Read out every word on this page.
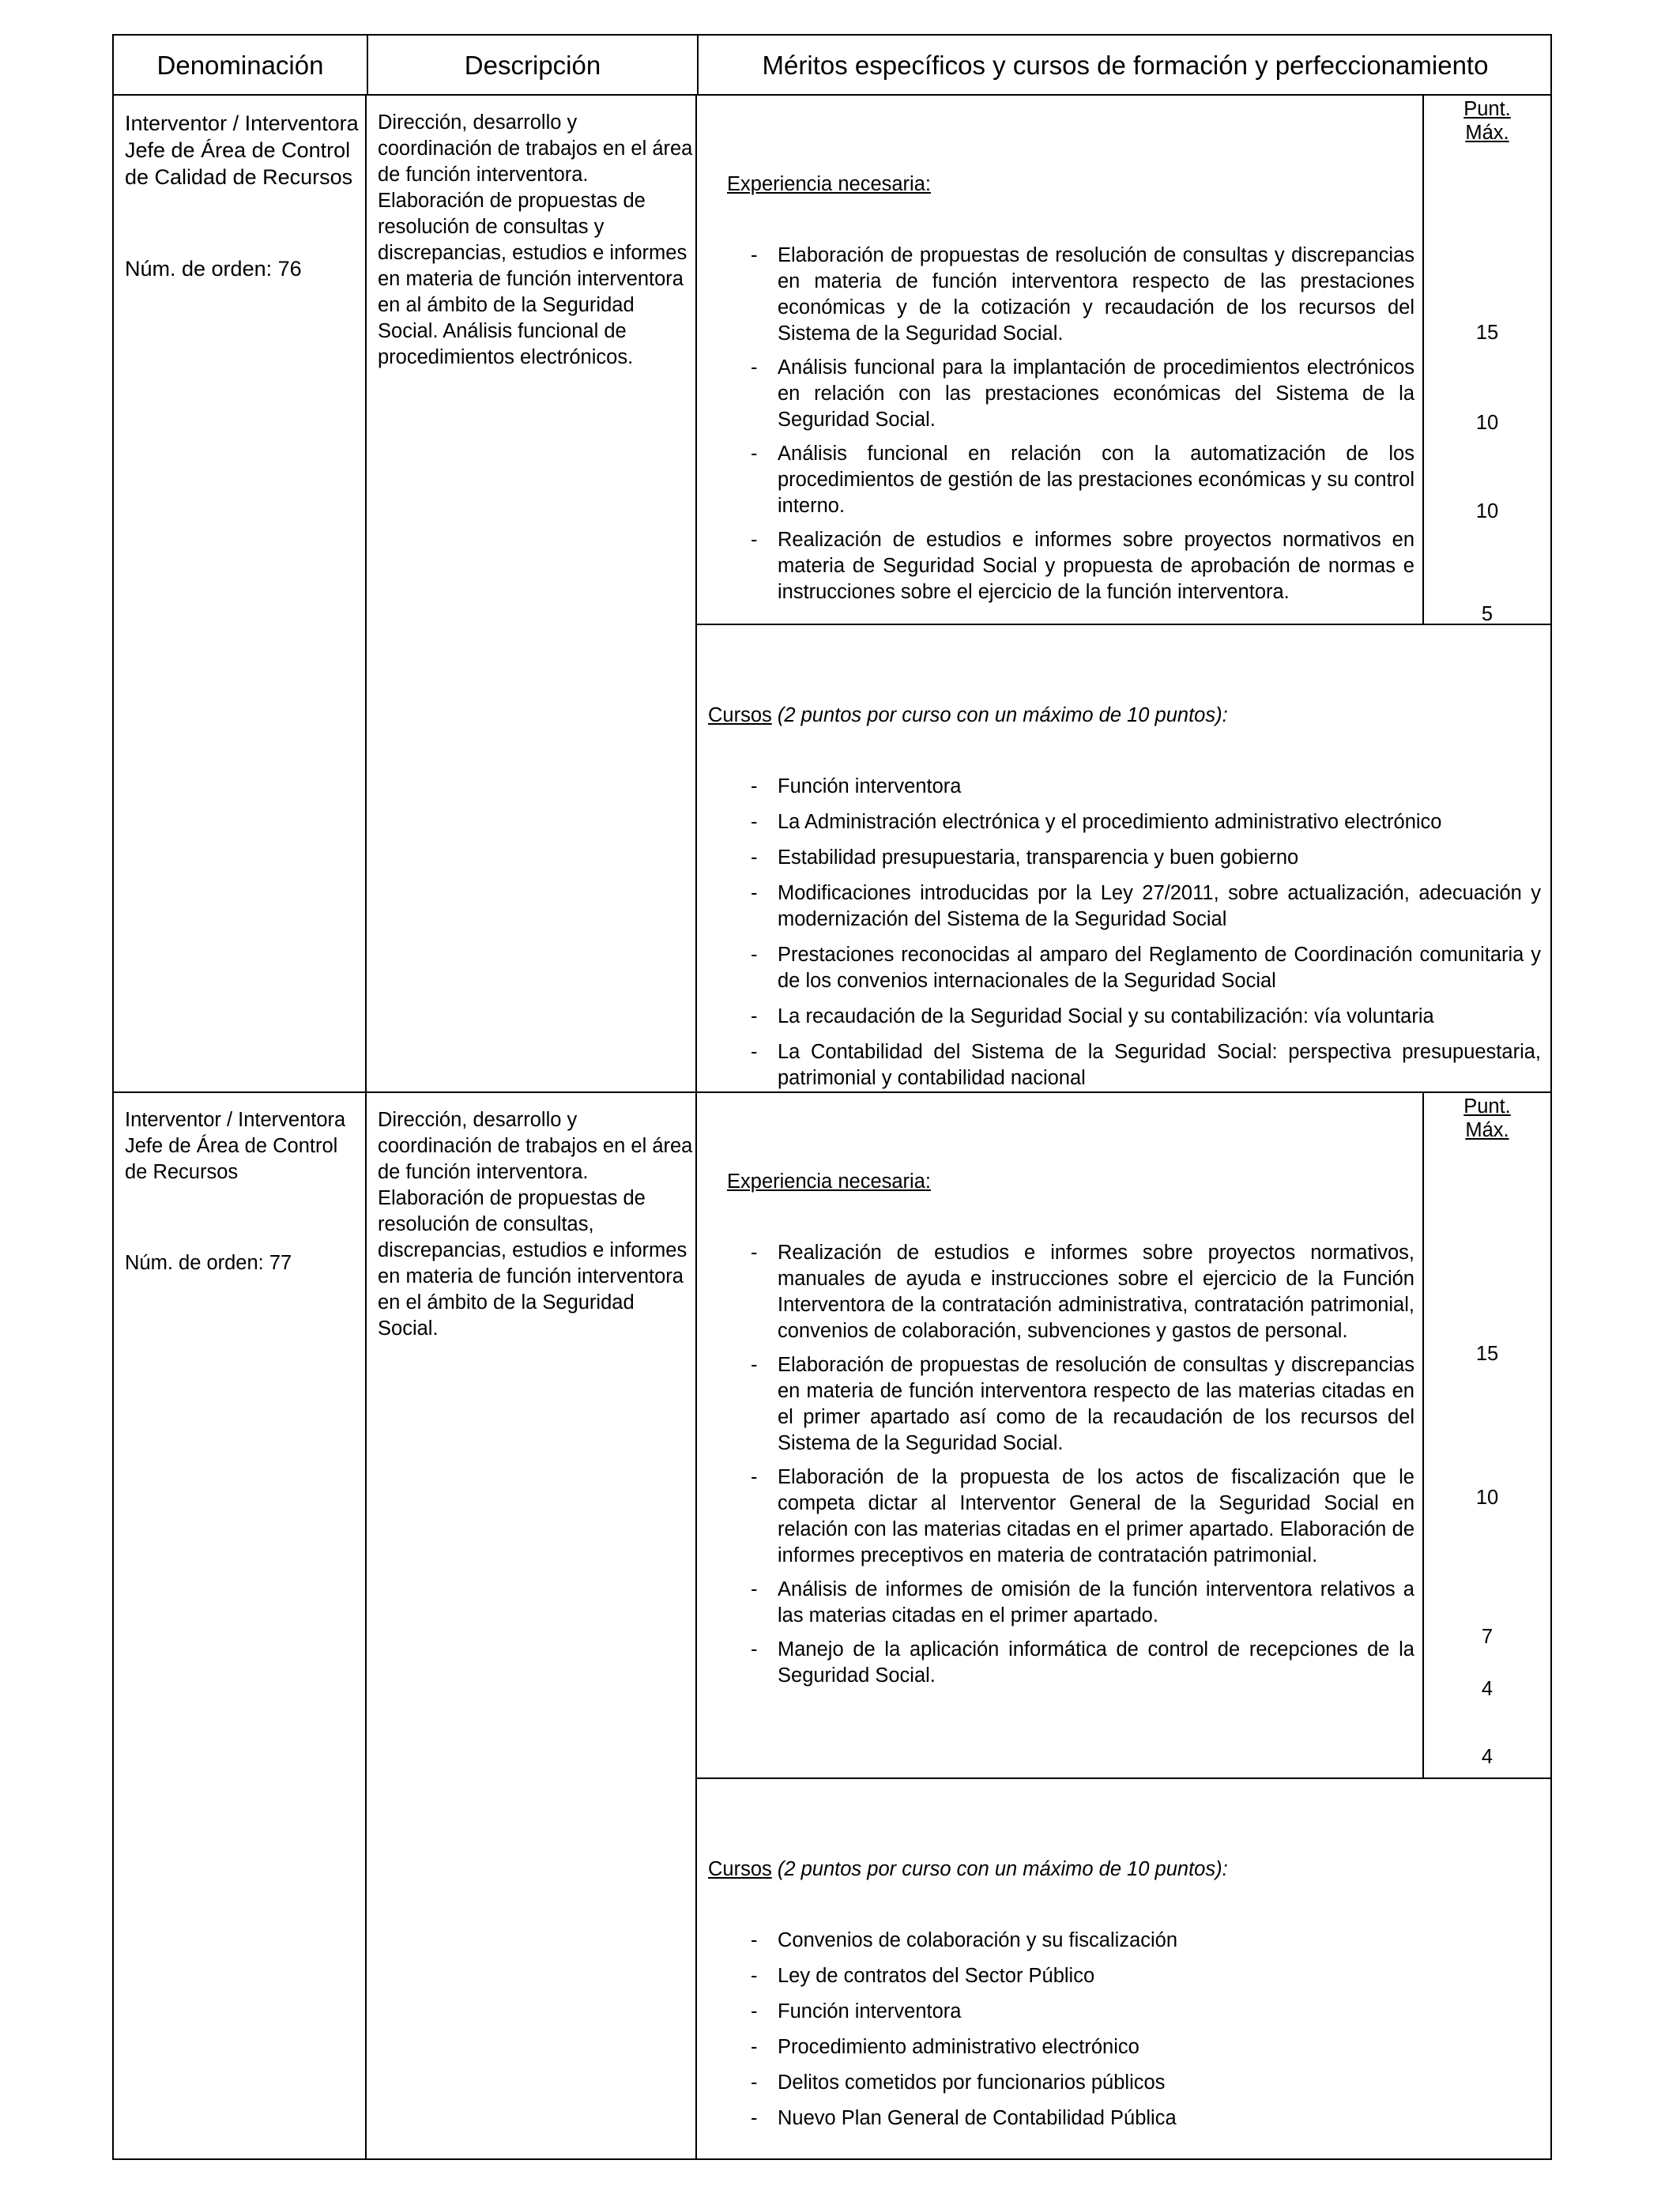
Denominación	Descripción	Méritos específicos y cursos de formación y perfeccionamiento
Interventor / Interventora Jefe de Área de Control de Calidad de Recursos
Núm. de orden: 76
Dirección, desarrollo y coordinación de trabajos en el área de función interventora. Elaboración de propuestas de resolución de consultas y discrepancias, estudios e informes en materia de función interventora en al ámbito de la Seguridad Social. Análisis funcional de procedimientos electrónicos.
Experiencia necesaria:
Punt.
Máx.
- Elaboración de propuestas de resolución de consultas y discrepancias en materia de función interventora respecto de las prestaciones económicas y de la cotización y recaudación de los recursos del Sistema de la Seguridad Social.
- Análisis funcional para la implantación de procedimientos electrónicos en relación con las prestaciones económicas del Sistema de la Seguridad Social.
- Análisis funcional en relación con la automatización de los procedimientos de gestión de las prestaciones económicas y su control interno.
- Realización de estudios e informes sobre proyectos normativos en materia de Seguridad Social y propuesta de aprobación de normas e instrucciones sobre el ejercicio de la función interventora.
15
10
10
5
Cursos (2 puntos por curso con un máximo de 10 puntos):
- Función interventora
- La Administración electrónica y el procedimiento administrativo electrónico
- Estabilidad presupuestaria, transparencia y buen gobierno
- Modificaciones introducidas por la Ley 27/2011, sobre actualización, adecuación y modernización del Sistema de la Seguridad Social
- Prestaciones reconocidas al amparo del Reglamento de Coordinación comunitaria y de los convenios internacionales de la Seguridad Social
- La recaudación de la Seguridad Social y su contabilización: vía voluntaria
- La Contabilidad del Sistema de la Seguridad Social: perspectiva presupuestaria, patrimonial y contabilidad nacional
Interventor / Interventora Jefe de Área de Control de Recursos
Núm. de orden: 77
Dirección, desarrollo y coordinación de trabajos en el área de función interventora. Elaboración de propuestas de resolución de consultas, discrepancias, estudios e informes en materia de función interventora en el ámbito de la Seguridad Social.
Experiencia necesaria:
Punt.
Máx.
- Realización de estudios e informes sobre proyectos normativos, manuales de ayuda e instrucciones sobre el ejercicio de la Función Interventora de la contratación administrativa, contratación patrimonial, convenios de colaboración, subvenciones y gastos de personal.
- Elaboración de propuestas de resolución de consultas y discrepancias en materia de función interventora respecto de las materias citadas en el primer apartado así como de la recaudación de los recursos del Sistema de la Seguridad Social.
- Elaboración de la propuesta de los actos de fiscalización que le competa dictar al Interventor General de la Seguridad Social en relación con las materias citadas en el primer apartado. Elaboración de informes preceptivos en materia de contratación patrimonial.
- Análisis de informes de omisión de la función interventora relativos a las materias citadas en el primer apartado.
- Manejo de la aplicación informática de control de recepciones de la Seguridad Social.
15
10
7
4
4
Cursos (2 puntos por curso con un máximo de 10 puntos):
- Convenios de colaboración y su fiscalización
- Ley de contratos del Sector Público
- Función interventora
- Procedimiento administrativo electrónico
- Delitos cometidos por funcionarios públicos
- Nuevo Plan General de Contabilidad Pública
